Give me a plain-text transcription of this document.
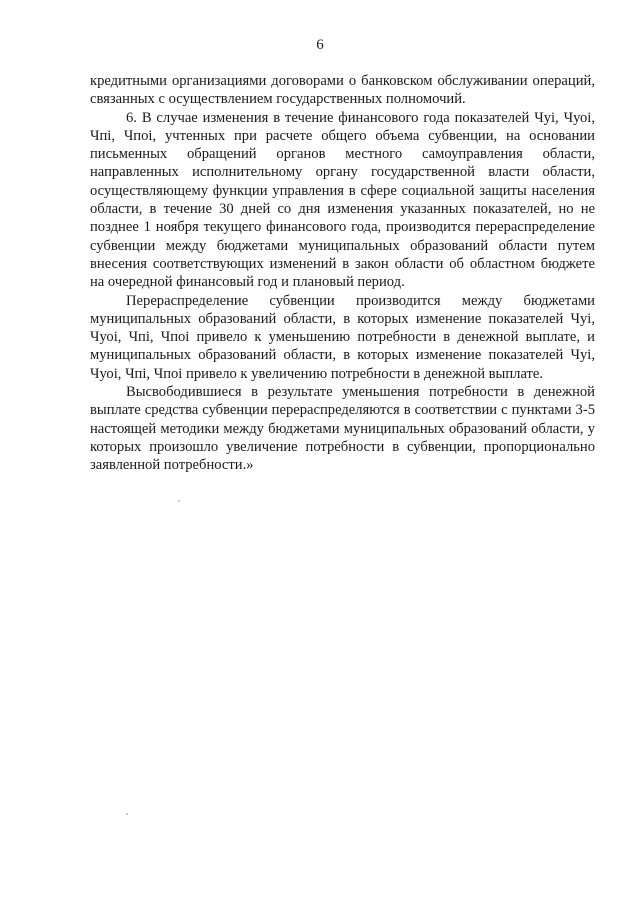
6

кредитными организациями договорами о банковском обслуживании операций, связанных с осуществлением государственных полномочий.

6. В случае изменения в течение финансового года показателей Чуі, Чуоі, Чпі, Чпоі, учтенных при расчете общего объема субвенции, на основании письменных обращений органов местного самоуправления области, направленных исполнительному органу государственной власти области, осуществляющему функции управления в сфере социальной защиты населения области, в течение 30 дней со дня изменения указанных показателей, но не позднее 1 ноября текущего финансового года, производится перераспределение субвенции между бюджетами муниципальных образований области путем внесения соответствующих изменений в закон области об областном бюджете на очередной финансовый год и плановый период.

Перераспределение субвенции производится между бюджетами муниципальных образований области, в которых изменение показателей Чуі, Чуоі, Чпі, Чпоі привело к уменьшению потребности в денежной выплате, и муниципальных образований области, в которых изменение показателей Чуі, Чуоі, Чпі, Чпоі привело к увеличению потребности в денежной выплате.

Высвободившиеся в результате уменьшения потребности в денежной выплате средства субвенции перераспределяются в соответствии с пунктами 3-5 настоящей методики между бюджетами муниципальных образований области, у которых произошло увеличение потребности в субвенции, пропорционально заявленной потребности.»
